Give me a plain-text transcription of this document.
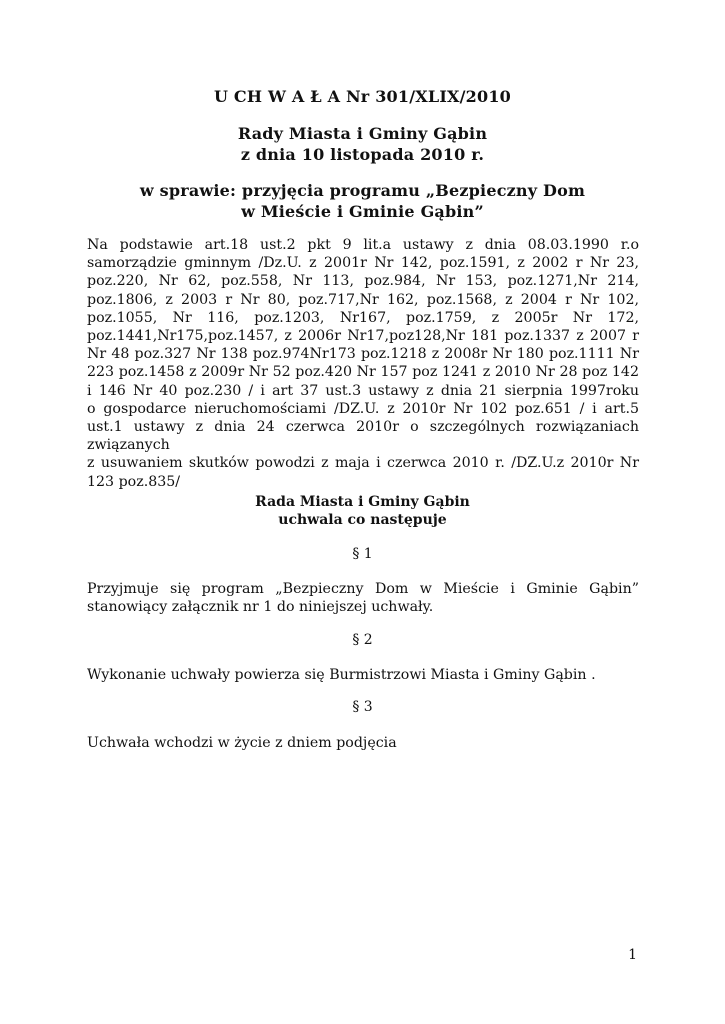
U CH W A Ł A Nr 301/XLIX/2010
Rady Miasta i Gminy Gąbin
z dnia 10 listopada 2010 r.
w sprawie: przyjęcia programu „Bezpieczny Dom
w Mieście i Gminie Gąbin”
Na podstawie art.18 ust.2 pkt 9 lit.a ustawy z dnia 08.03.1990 r.o
samorządzie gminnym /Dz.U. z 2001r Nr 142, poz.1591, z 2002 r Nr 23,
poz.220, Nr 62, poz.558, Nr 113, poz.984, Nr 153, poz.1271,Nr 214,
poz.1806, z 2003 r Nr 80, poz.717,Nr 162, poz.1568, z 2004 r Nr 102,
poz.1055, Nr 116, poz.1203, Nr167, poz.1759, z 2005r Nr 172,
poz.1441,Nr175,poz.1457, z 2006r Nr17,poz128,Nr 181 poz.1337 z 2007 r
Nr 48 poz.327 Nr 138 poz.974Nr173 poz.1218 z 2008r Nr 180 poz.1111 Nr
223 poz.1458 z 2009r Nr 52 poz.420 Nr 157 poz 1241 z 2010 Nr 28 poz 142
i 146 Nr 40 poz.230 / i art 37 ust.3 ustawy z dnia 21 sierpnia 1997roku
o gospodarce nieruchomościami /DZ.U. z 2010r Nr 102 poz.651 / i art.5
ust.1 ustawy z dnia 24 czerwca 2010r o szczególnych rozwiązaniach
związanych
z usuwaniem skutków powodzi z maja i czerwca 2010 r. /DZ.U.z 2010r Nr
123 poz.835/
Rada Miasta i Gminy Gąbin
uchwala co następuje
§ 1
Przyjmuje się program „Bezpieczny Dom w Mieście i Gminie Gąbin”
stanowiący załącznik nr 1 do niniejszej uchwały.
§ 2
Wykonanie uchwały powierza się Burmistrzowi Miasta i Gminy Gąbin .
§ 3
Uchwała wchodzi w życie z dniem podjęcia
1
